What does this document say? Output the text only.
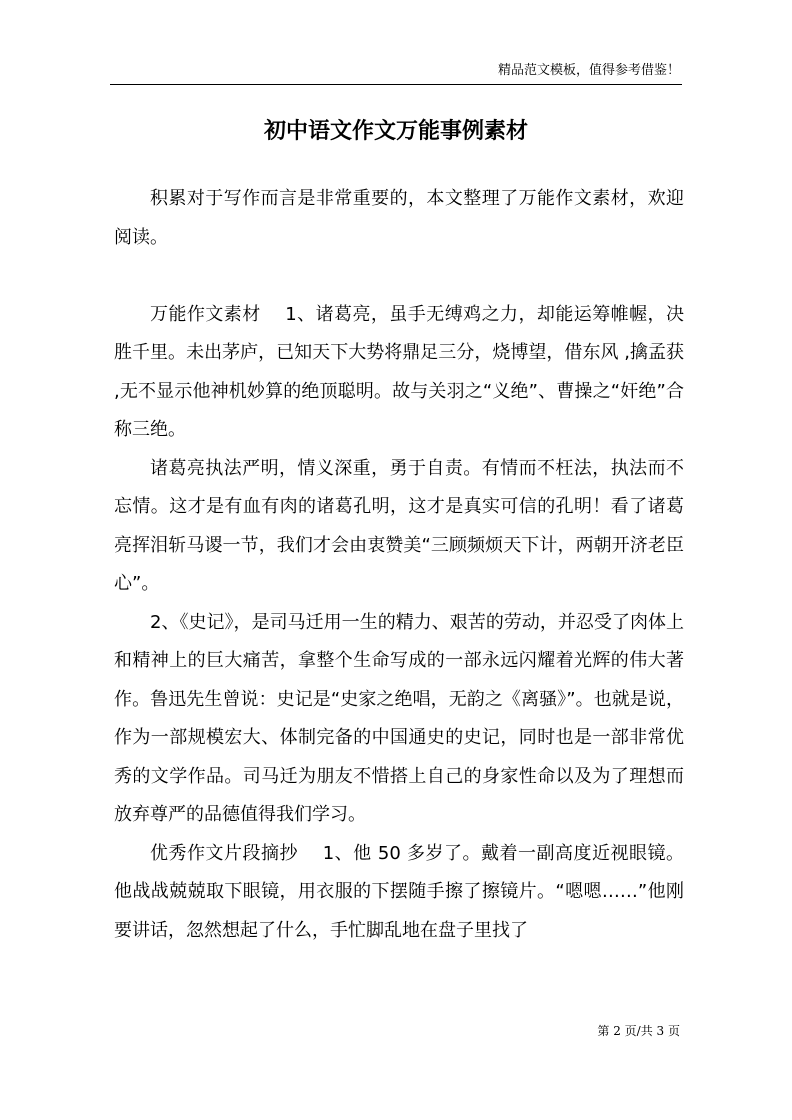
精品范文模板，值得参考借鉴！
初中语文作文万能事例素材

积累对于写作而言是非常重要的，本文整理了万能作文素材，欢迎阅读。

万能作文素材　 1、诸葛亮，虽手无缚鸡之力，却能运筹帷幄，决胜千里。未出茅庐，已知天下大势将鼎足三分，烧博望，借东风 ,擒孟获 ,无不显示他神机妙算的绝顶聪明。故与关羽之“义绝”、曹操之“奸绝”合称三绝。

诸葛亮执法严明，情义深重，勇于自责。有情而不枉法，执法而不忘情。这才是有血有肉的诸葛孔明，这才是真实可信的孔明！看了诸葛亮挥泪斩马谡一节，我们才会由衷赞美“三顾频烦天下计，两朝开济老臣心”。

2、《史记》，是司马迁用一生的精力、艰苦的劳动，并忍受了肉体上和精神上的巨大痛苦，拿整个生命写成的一部永远闪耀着光辉的伟大著作。鲁迅先生曾说：史记是“史家之绝唱，无韵之《离骚》”。也就是说，作为一部规模宏大、体制完备的中国通史的史记，同时也是一部非常优秀的文学作品。司马迁为朋友不惜搭上自己的身家性命以及为了理想而放弃尊严的品德值得我们学习。

优秀作文片段摘抄　 1、他 50 多岁了。戴着一副高度近视眼镜。他战战兢兢取下眼镜，用衣服的下摆随手擦了擦镜片。“嗯嗯……”他刚要讲话，忽然想起了什么，手忙脚乱地在盘子里找了

第 2 页/共 3 页
